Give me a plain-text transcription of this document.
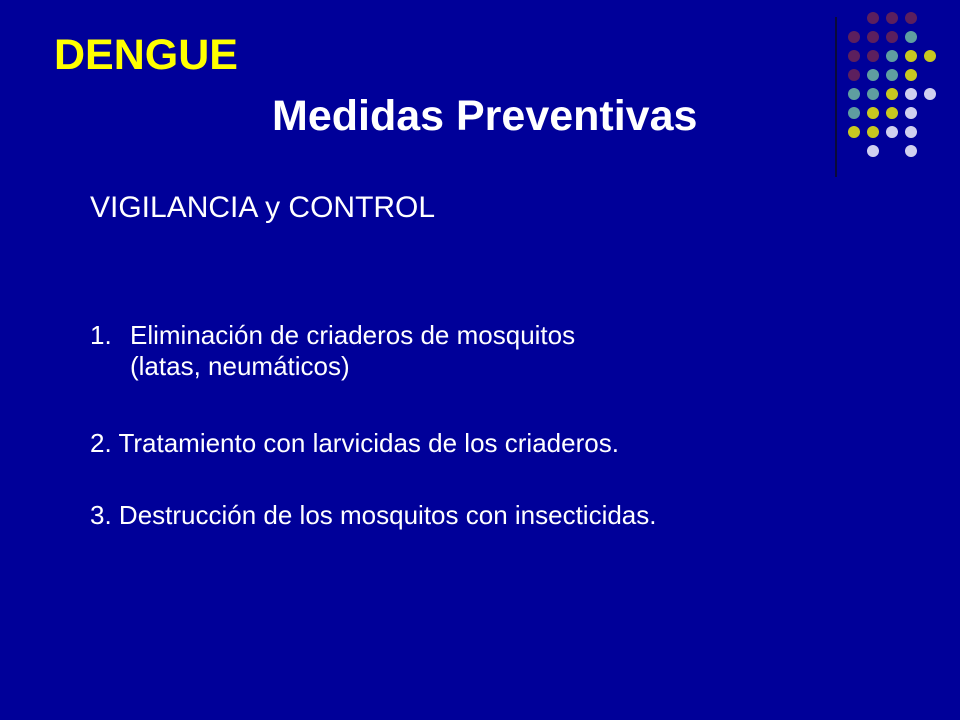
DENGUE
Medidas Preventivas
VIGILANCIA y CONTROL
1. Eliminación de criaderos de mosquitos
(latas, neumáticos)
2. Tratamiento con larvicidas de los criaderos.
3. Destrucción de los mosquitos con insecticidas.
